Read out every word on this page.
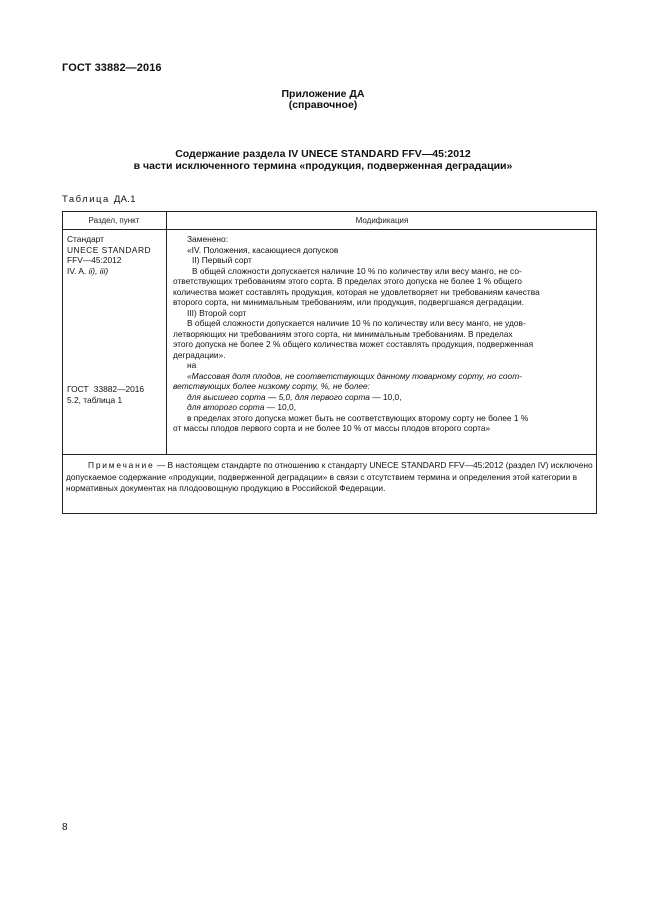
ГОСТ 33882—2016
Приложение ДА
(справочное)
Содержание раздела IV UNECE STANDARD FFV—45:2012
в части исключенного термина «продукция, подверженная деградации»
Таблица ДА.1
Раздел, пункт	Модификация
Стандарт
UNECE STANDARD
FFV—45:2012
IV. A. ii), iii)
ГОСТ 33882—2016
5.2, таблица 1
Заменено:
«IV. Положения, касающиеся допусков
II) Первый сорт
В общей сложности допускается наличие 10 % по количеству или весу манго, не со-
ответствующих требованиям этого сорта. В пределах этого допуска не более 1 % общего
количества может составлять продукция, которая не удовлетворяет ни требованиям качества
второго сорта, ни минимальным требованиям, или продукция, подвергшаяся деградации.
III) Второй сорт
В общей сложности допускается наличие 10 % по количеству или весу манго, не удов-
летворяющих ни требованиям этого сорта, ни минимальным требованиям. В пределах
этого допуска не более 2 % общего количества может составлять продукция, подверженная
деградации».
на
«Массовая доля плодов, не соответствующих данному товарному сорту, но соот-
ветствующих более низкому сорту, %, не более:
для высшего сорта — 5,0, для первого сорта — 10,0,
для второго сорта — 10,0,
в пределах этого допуска может быть не соответствующих второму сорту не более 1 %
от массы плодов первого сорта и не более 10 % от массы плодов второго сорта»
Примечание — В настоящем стандарте по отношению к стандарту UNECE STANDARD FFV—45:2012 (раздел IV) исключено допускаемое содержание «продукции, подверженной деградации» в связи с отсутствием термина и определения этой категории в нормативных документах на плодоовощную продукцию в Российской Федерации.
8
